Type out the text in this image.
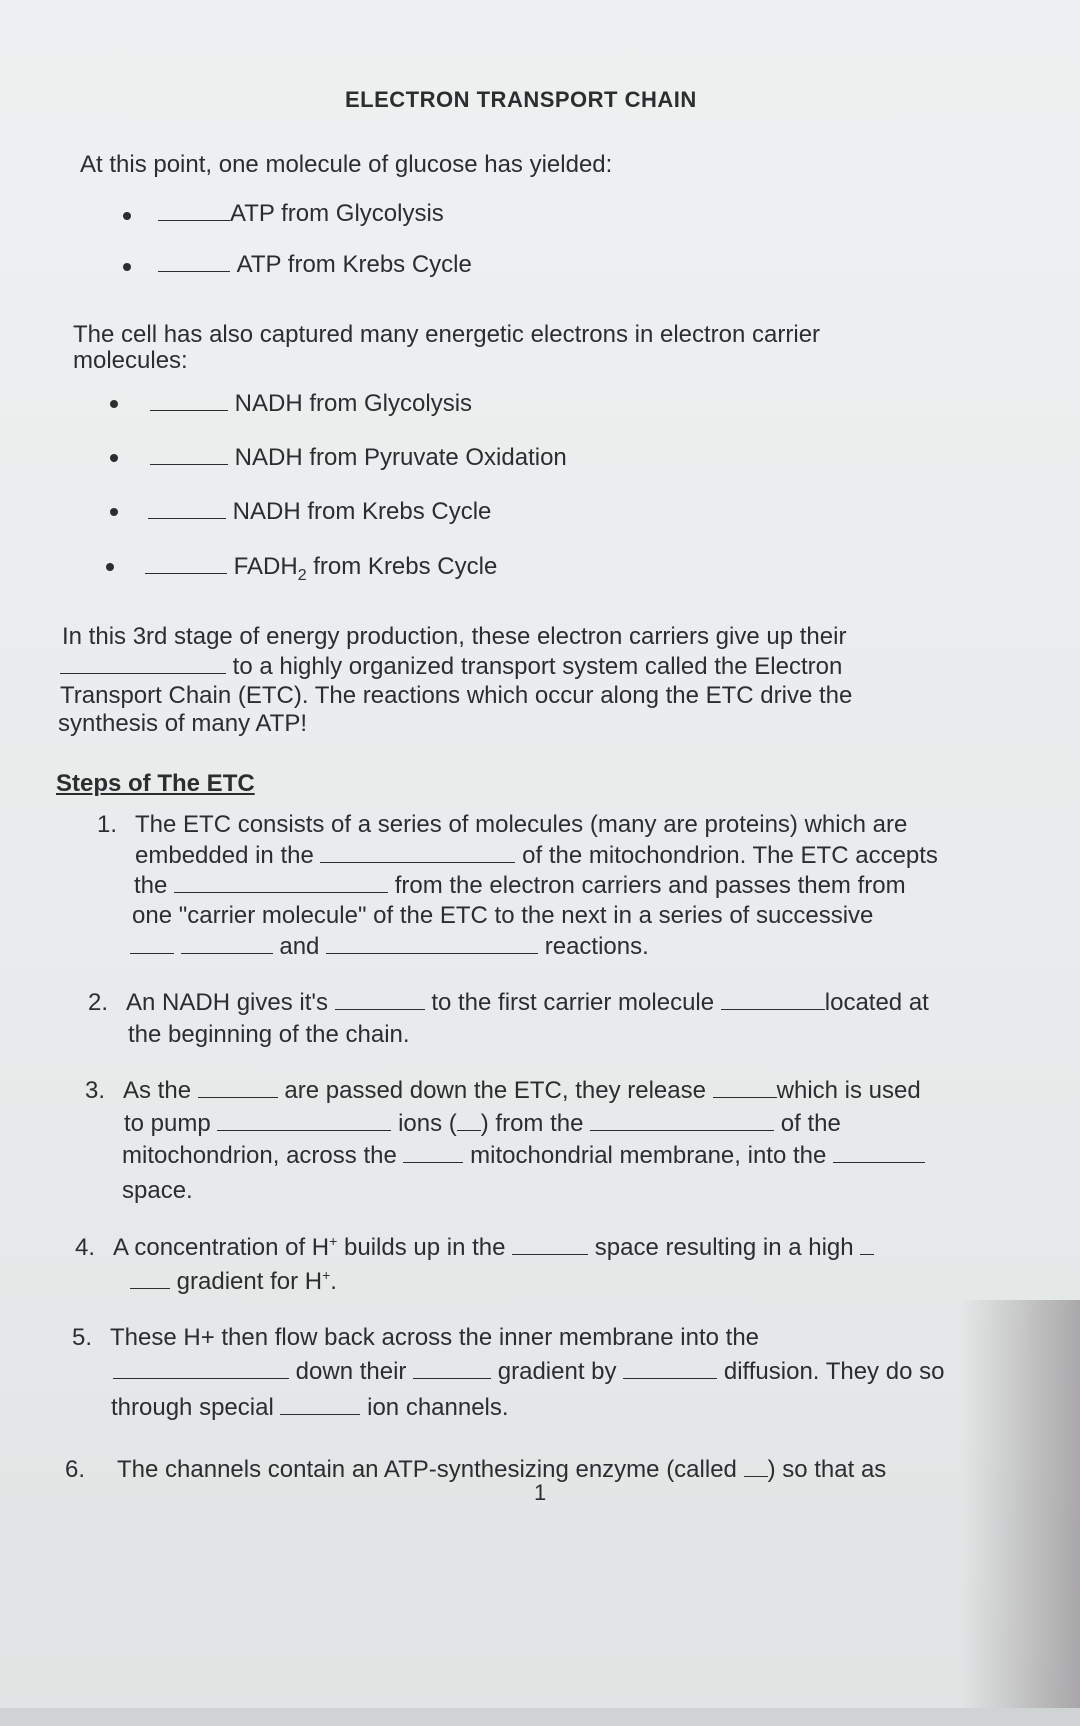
ELECTRON TRANSPORT CHAIN
At this point, one molecule of glucose has yielded:
ATP from Glycolysis
ATP from Krebs Cycle
The cell has also captured many energetic electrons in electron carrier
molecules:
NADH from Glycolysis
NADH from Pyruvate Oxidation
NADH from Krebs Cycle
$FADH_2$ from Krebs Cycle
In this 3rd stage of energy production, these electron carriers give up their
to a highly organized transport system called the Electron
Transport Chain (ETC). The reactions which occur along the ETC drive the
synthesis of many ATP!
Steps of The ETC
1. The ETC consists of a series of molecules (many are proteins) which are
embedded in the	of the mitochondrion. The ETC accepts
the	from the electron carriers and passes them from
one "carrier molecule" of the ETC to the next in a series of successive
and	reactions.
2. An NADH gives it's	to the first carrier molecule	located at
the beginning of the chain.
3. As the	are passed down the ETC, they release	which is used
to pump	ions ( ) from the	of the
mitochondrion, across the	mitochondrial membrane, into the
space.
4. A concentration of H+ builds up in the	space resulting in a high
gradient for H+.
5. These H+ then flow back across the inner membrane into the
down their	gradient by	diffusion. They do so
through special	ion channels.
6. The channels contain an ATP-synthesizing enzyme (called ) so that as
1
